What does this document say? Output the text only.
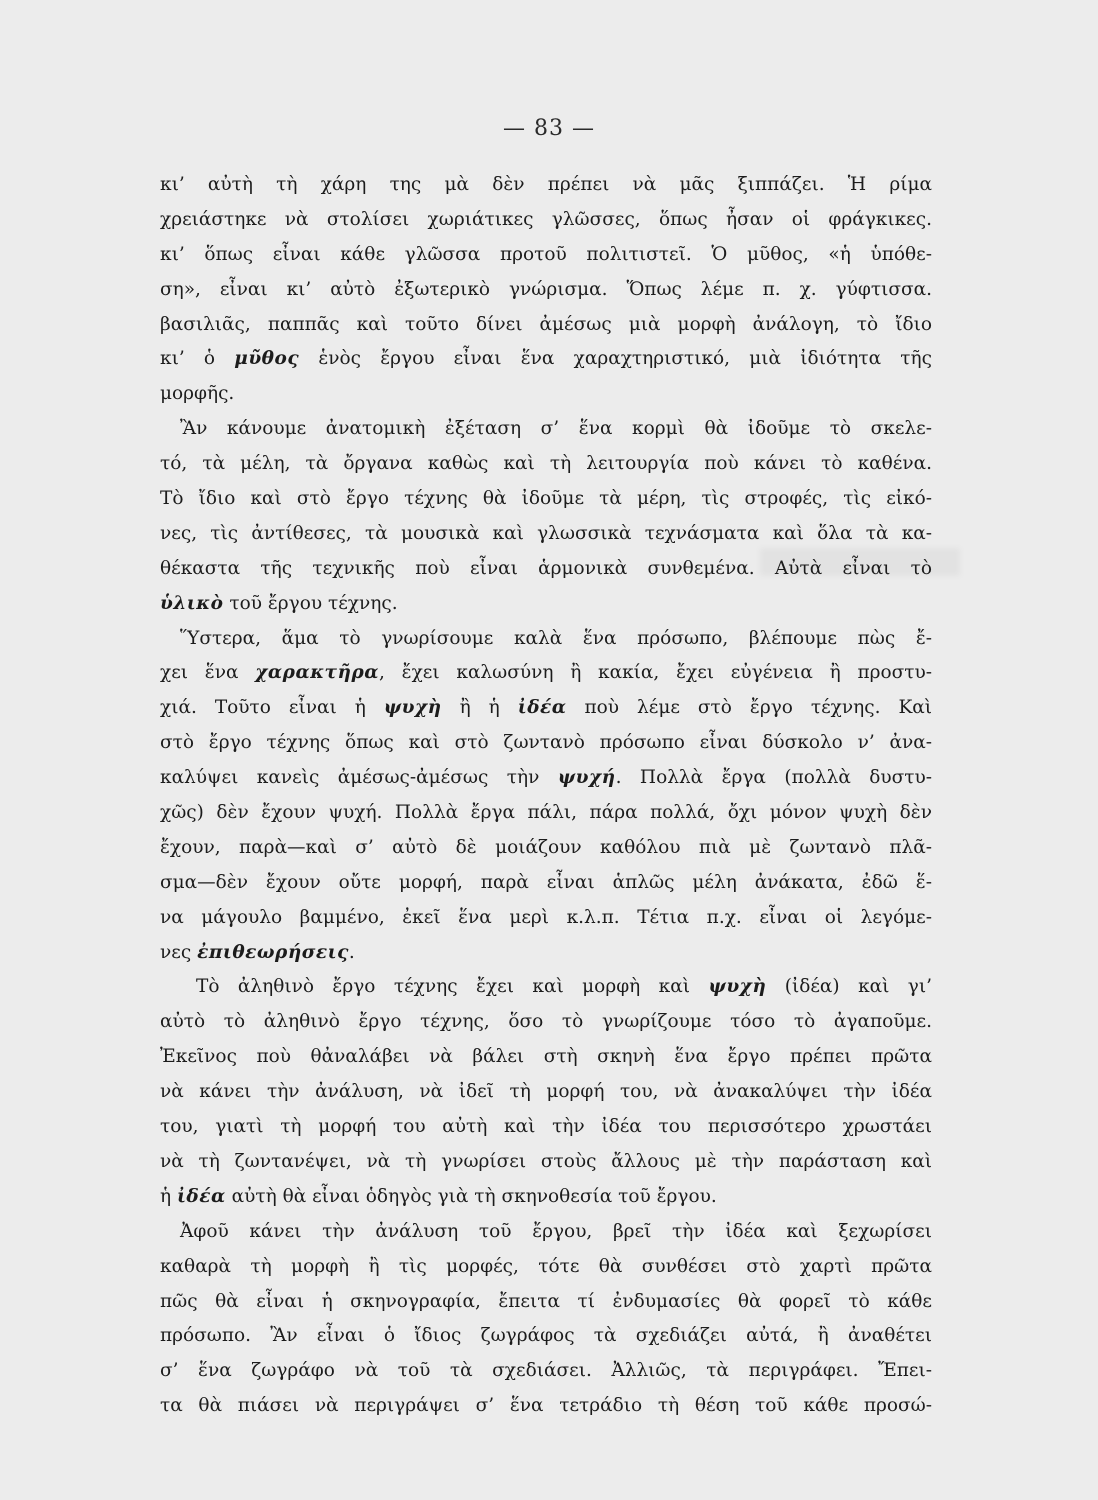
— 83 —
κι’ αὐτὴ τὴ χάρη της μὰ δὲν πρέπει νὰ μᾶς ξιππάζει. Ἡ ρίμα
χρειάστηκε νὰ στολίσει χωριάτικες γλῶσσες, ὅπως ἦσαν οἱ φράγκικες.
κι’ ὅπως εἶναι κάθε γλῶσσα προτοῦ πολιτιστεῖ. Ὁ μῦθος, «ἡ ὑπόθε-
ση», εἶναι κι’ αὐτὸ ἐξωτερικὸ γνώρισμα. Ὅπως λέμε π. χ. γύφτισσα.
βασιλιᾶς, παππᾶς καὶ τοῦτο δίνει ἀμέσως μιὰ μορφὴ ἀνάλογη, τὸ ἴδιο
κι’ ὁ μῦθος ἑνὸς ἔργου εἶναι ἕνα χαραχτηριστικό, μιὰ ἰδιότητα τῆς
μορφῆς.
Ἂν κάνουμε ἀνατομικὴ ἐξέταση σ’ ἕνα κορμὶ θὰ ἰδοῦμε τὸ σκελε-
τό, τὰ μέλη, τὰ ὄργανα καθὼς καὶ τὴ λειτουργία ποὺ κάνει τὸ καθένα.
Τὸ ἴδιο καὶ στὸ ἔργο τέχνης θὰ ἰδοῦμε τὰ μέρη, τὶς στροφές, τὶς εἰκό-
νες, τὶς ἀντίθεσες, τὰ μουσικὰ καὶ γλωσσικὰ τεχνάσματα καὶ ὅλα τὰ κα-
θέκαστα τῆς τεχνικῆς ποὺ εἶναι ἁρμονικὰ συνθεμένα. Αὐτὰ εἶναι τὸ
ὑλικὸ τοῦ ἔργου τέχνης.
Ὕστερα, ἅμα τὸ γνωρίσουμε καλὰ ἕνα πρόσωπο, βλέπουμε πὼς ἔ-
χει ἕνα χαρακτῆρα, ἔχει καλωσύνη ἢ κακία, ἔχει εὐγένεια ἢ προστυ-
χιά. Τοῦτο εἶναι ἡ ψυχὴ ἢ ἡ ἰδέα ποὺ λέμε στὸ ἔργο τέχνης. Καὶ
στὸ ἔργο τέχνης ὅπως καὶ στὸ ζωντανὸ πρόσωπο εἶναι δύσκολο ν’ ἀνα-
καλύψει κανεὶς ἀμέσως-ἀμέσως τὴν ψυχή. Πολλὰ ἔργα (πολλὰ δυστυ-
χῶς) δὲν ἔχουν ψυχή. Πολλὰ ἔργα πάλι, πάρα πολλά, ὄχι μόνον ψυχὴ δὲν
ἔχουν, παρὰ—καὶ σ’ αὐτὸ δὲ μοιάζουν καθόλου πιὰ μὲ ζωντανὸ πλᾶ-
σμα—δὲν ἔχουν οὔτε μορφή, παρὰ εἶναι ἁπλῶς μέλη ἀνάκατα, ἐδῶ ἕ-
να μάγουλο βαμμένο, ἐκεῖ ἕνα μερὶ κ.λ.π. Τέτια π.χ. εἶναι οἱ λεγόμε-
νες ἐπιθεωρήσεις.
Τὸ ἀληθινὸ ἔργο τέχνης ἔχει καὶ μορφὴ καὶ ψυχὴ (ἰδέα) καὶ γι’
αὐτὸ τὸ ἀληθινὸ ἔργο τέχνης, ὅσο τὸ γνωρίζουμε τόσο τὸ ἀγαποῦμε.
Ἐκεῖνος ποὺ θἀναλάβει νὰ βάλει στὴ σκηνὴ ἕνα ἔργο πρέπει πρῶτα
νὰ κάνει τὴν ἀνάλυση, νὰ ἰδεῖ τὴ μορφή του, νὰ ἀνακαλύψει τὴν ἰδέα
του, γιατὶ τὴ μορφή του αὐτὴ καὶ τὴν ἰδέα του περισσότερο χρωστάει
νὰ τὴ ζωντανέψει, νὰ τὴ γνωρίσει στοὺς ἄλλους μὲ τὴν παράσταση καὶ
ἡ ἰδέα αὐτὴ θὰ εἶναι ὁδηγὸς γιὰ τὴ σκηνοθεσία τοῦ ἔργου.
Ἀφοῦ κάνει τὴν ἀνάλυση τοῦ ἔργου, βρεῖ τὴν ἰδέα καὶ ξεχωρίσει
καθαρὰ τὴ μορφὴ ἢ τὶς μορφές, τότε θὰ συνθέσει στὸ χαρτὶ πρῶτα
πῶς θὰ εἶναι ἡ σκηνογραφία, ἔπειτα τί ἐνδυμασίες θὰ φορεῖ τὸ κάθε
πρόσωπο. Ἂν εἶναι ὁ ἴδιος ζωγράφος τὰ σχεδιάζει αὐτά, ἢ ἀναθέτει
σ’ ἕνα ζωγράφο νὰ τοῦ τὰ σχεδιάσει. Ἀλλιῶς, τὰ περιγράφει. Ἔπει-
τα θὰ πιάσει νὰ περιγράψει σ’ ἕνα τετράδιο τὴ θέση τοῦ κάθε προσώ-
